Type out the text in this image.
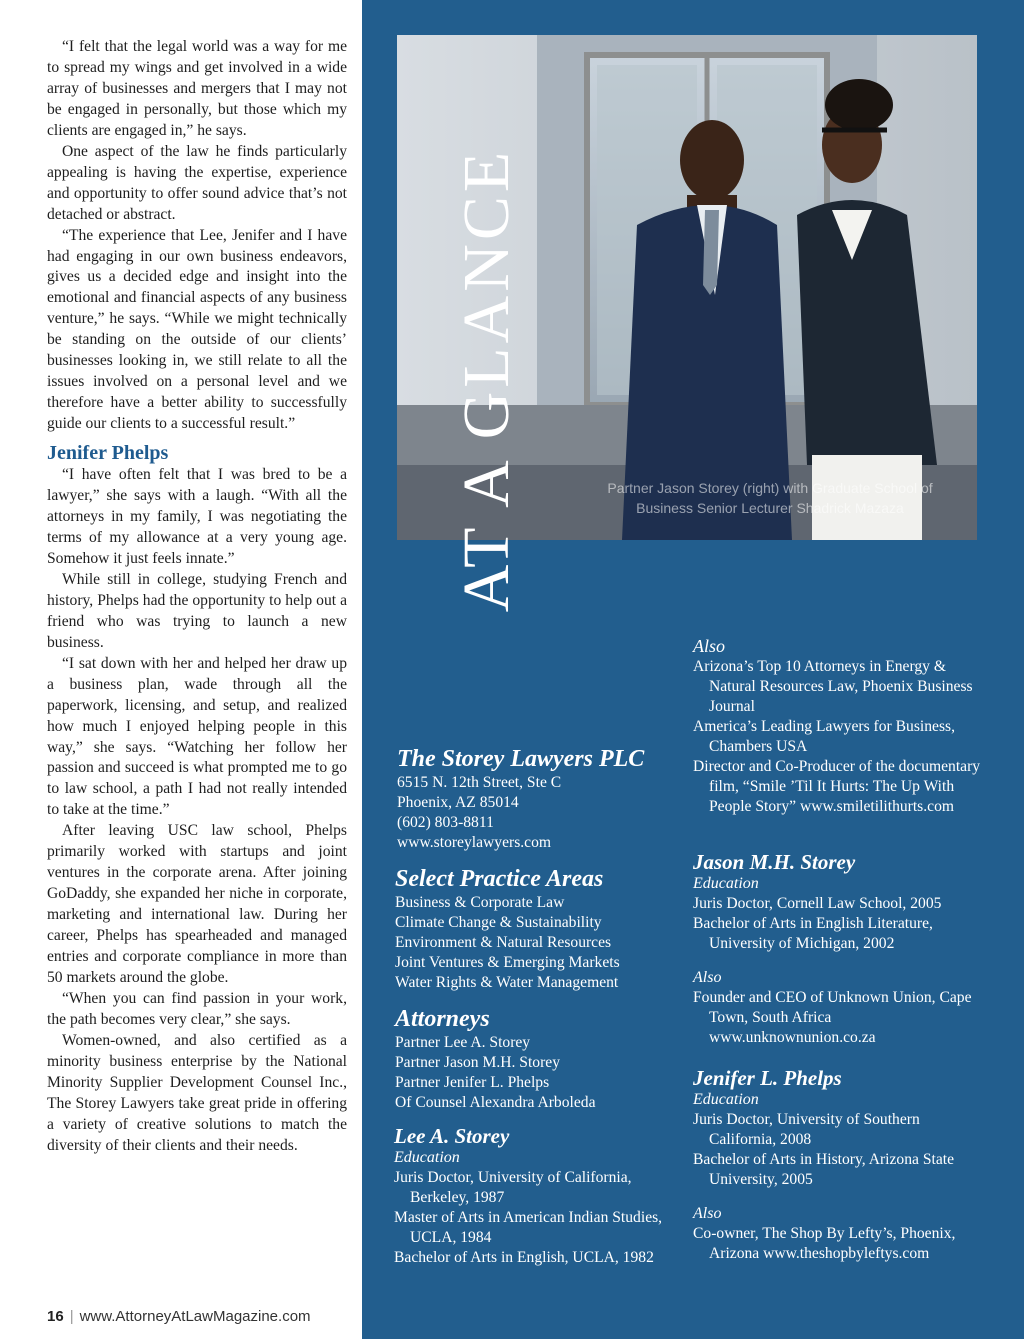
“I felt that the legal world was a way for me to spread my wings and get involved in a wide array of businesses and mergers that I may not be engaged in personally, but those which my clients are engaged in,” he says.

One aspect of the law he finds particularly appealing is having the expertise, experience and opportunity to offer sound advice that’s not detached or abstract.

“The experience that Lee, Jenifer and I have had engaging in our own business endeavors, gives us a decided edge and insight into the emotional and financial aspects of any business venture,” he says. “While we might technically be standing on the outside of our clients’ businesses looking in, we still relate to all the issues involved on a personal level and we therefore have a better ability to successfully guide our clients to a successful result.”

Jenifer Phelps

“I have often felt that I was bred to be a lawyer,” she says with a laugh. “With all the attorneys in my family, I was negotiating the terms of my allowance at a very young age. Somehow it just feels innate.”

While still in college, studying French and history, Phelps had the opportunity to help out a friend who was trying to launch a new business.

“I sat down with her and helped her draw up a business plan, wade through all the paperwork, licensing, and setup, and realized how much I enjoyed helping people in this way,” she says. “Watching her follow her passion and succeed is what prompted me to go to law school, a path I had not really intended to take at the time.”

After leaving USC law school, Phelps primarily worked with startups and joint ventures in the corporate arena. After joining GoDaddy, she expanded her niche in corporate, marketing and international law. During her career, Phelps has spearheaded and managed entries and corporate compliance in more than 50 markets around the globe.

“When you can find passion in your work, the path becomes very clear,” she says.

Women-owned, and also certified as a minority business enterprise by the National Minority Supplier Development Counsel Inc., The Storey Lawyers take great pride in offering a variety of creative solutions to match the diversity of their clients and their needs.

16 | www.AttorneyAtLawMagazine.com
Partner Jason Storey (right) with Graduate School of Business Senior Lecturer Shadrick Mazaza
AT A GLANCE

The Storey Lawyers PLC

6515 N. 12th Street, Ste C

Phoenix, AZ 85014

(602) 803-8811

www.storeylawyers.com

Select Practice Areas

Business & Corporate Law

Climate Change & Sustainability

Environment & Natural Resources

Joint Ventures & Emerging Markets

Water Rights & Water Management

Attorneys

Partner Lee A. Storey

Partner Jason M.H. Storey

Partner Jenifer L. Phelps

Of Counsel Alexandra Arboleda

Lee A. Storey

Education

Juris Doctor, University of California, Berkeley, 1987

Master of Arts in American Indian Studies, UCLA, 1984

Bachelor of Arts in English, UCLA, 1982

Also

Arizona’s Top 10 Attorneys in Energy & Natural Resources Law, Phoenix Business Journal

America’s Leading Lawyers for Business, Chambers USA

Director and Co-Producer of the documentary film, “Smile ’Til It Hurts: The Up With People Story” www.smiletilithurts.com

Jason M.H. Storey

Education

Juris Doctor, Cornell Law School, 2005

Bachelor of Arts in English Literature, University of Michigan, 2002

Also

Founder and CEO of Unknown Union, Cape Town, South Africa www.unknownunion.co.za

Jenifer L. Phelps

Education

Juris Doctor, University of Southern California, 2008

Bachelor of Arts in History, Arizona State University, 2005

Also

Co-owner, The Shop By Lefty’s, Phoenix, Arizona www.theshopbyleftys.com
